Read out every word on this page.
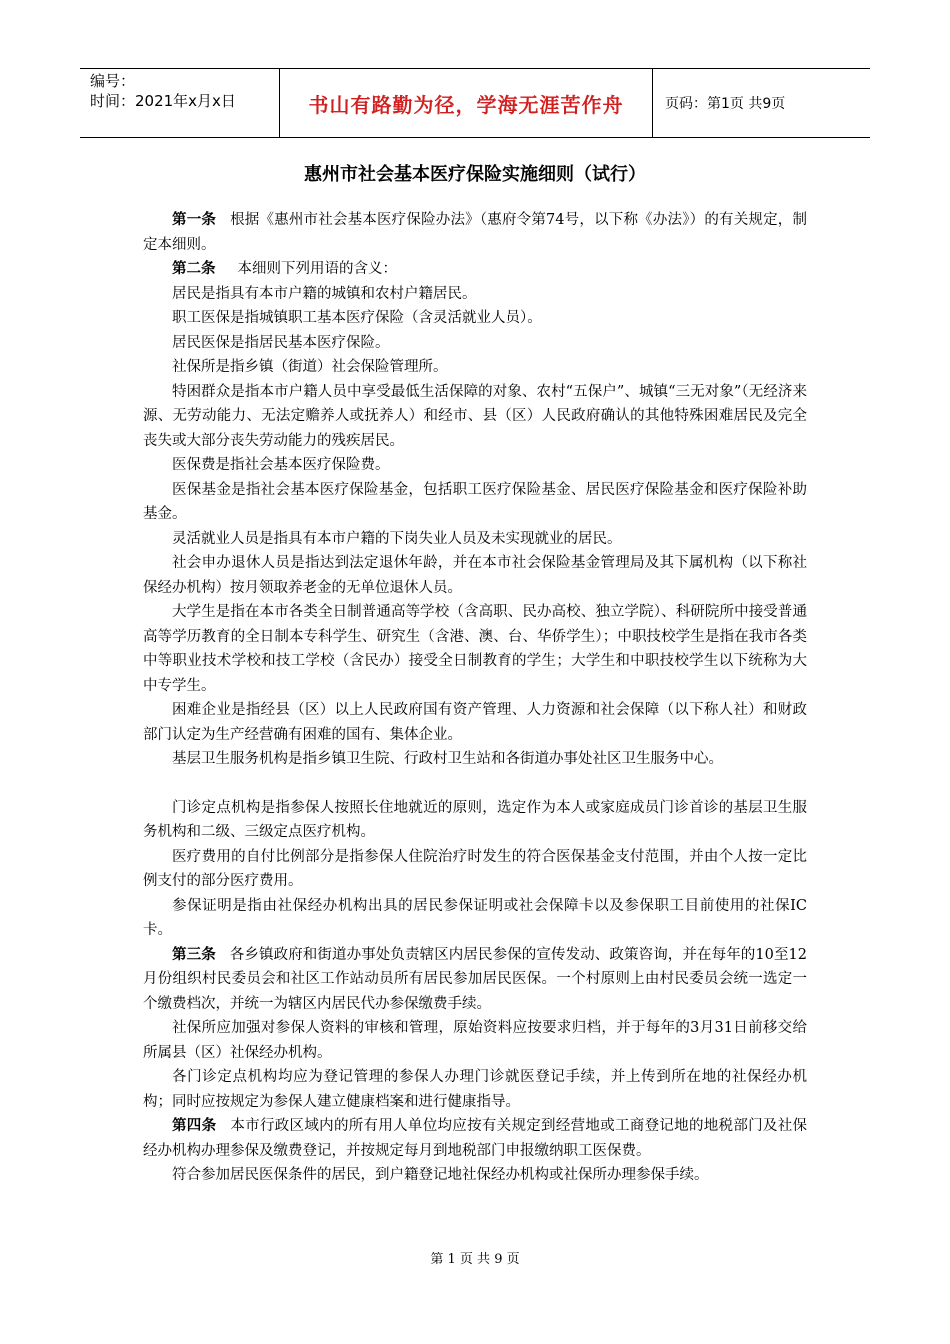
编号：
时间：2021年x月x日	书山有路勤为径，学海无涯苦作舟	页码：第1页 共9页
惠州市社会基本医疗保险实施细则（试行）

第一条 根据《惠州市社会基本医疗保险办法》（惠府令第74号，以下称《办法》）的有关规定，制定本细则。

第二条 本细则下列用语的含义：

居民是指具有本市户籍的城镇和农村户籍居民。

职工医保是指城镇职工基本医疗保险（含灵活就业人员）。

居民医保是指居民基本医疗保险。

社保所是指乡镇（街道）社会保险管理所。

特困群众是指本市户籍人员中享受最低生活保障的对象、农村“五保户”、城镇“三无对象”（无经济来源、无劳动能力、无法定赡养人或抚养人）和经市、县（区）人民政府确认的其他特殊困难居民及完全丧失或大部分丧失劳动能力的残疾居民。

医保费是指社会基本医疗保险费。

医保基金是指社会基本医疗保险基金，包括职工医疗保险基金、居民医疗保险基金和医疗保险补助基金。

灵活就业人员是指具有本市户籍的下岗失业人员及未实现就业的居民。

社会申办退休人员是指达到法定退休年龄，并在本市社会保险基金管理局及其下属机构（以下称社保经办机构）按月领取养老金的无单位退休人员。

大学生是指在本市各类全日制普通高等学校（含高职、民办高校、独立学院）、科研院所中接受普通高等学历教育的全日制本专科学生、研究生（含港、澳、台、华侨学生）；中职技校学生是指在我市各类中等职业技术学校和技工学校（含民办）接受全日制教育的学生；大学生和中职技校学生以下统称为大中专学生。

困难企业是指经县（区）以上人民政府国有资产管理、人力资源和社会保障（以下称人社）和财政部门认定为生产经营确有困难的国有、集体企业。

基层卫生服务机构是指乡镇卫生院、行政村卫生站和各街道办事处社区卫生服务中心。

门诊定点机构是指参保人按照长住地就近的原则，选定作为本人或家庭成员门诊首诊的基层卫生服务机构和二级、三级定点医疗机构。

医疗费用的自付比例部分是指参保人住院治疗时发生的符合医保基金支付范围，并由个人按一定比例支付的部分医疗费用。

参保证明是指由社保经办机构出具的居民参保证明或社会保障卡以及参保职工目前使用的社保IC卡。

第三条 各乡镇政府和街道办事处负责辖区内居民参保的宣传发动、政策咨询，并在每年的10至12月份组织村民委员会和社区工作站动员所有居民参加居民医保。一个村原则上由村民委员会统一选定一个缴费档次，并统一为辖区内居民代办参保缴费手续。

社保所应加强对参保人资料的审核和管理，原始资料应按要求归档，并于每年的3月31日前移交给所属县（区）社保经办机构。

各门诊定点机构均应为登记管理的参保人办理门诊就医登记手续，并上传到所在地的社保经办机构；同时应按规定为参保人建立健康档案和进行健康指导。

第四条 本市行政区域内的所有用人单位均应按有关规定到经营地或工商登记地的地税部门及社保经办机构办理参保及缴费登记，并按规定每月到地税部门申报缴纳职工医保费。

符合参加居民医保条件的居民，到户籍登记地社保经办机构或社保所办理参保手续。

第 1 页 共 9 页
